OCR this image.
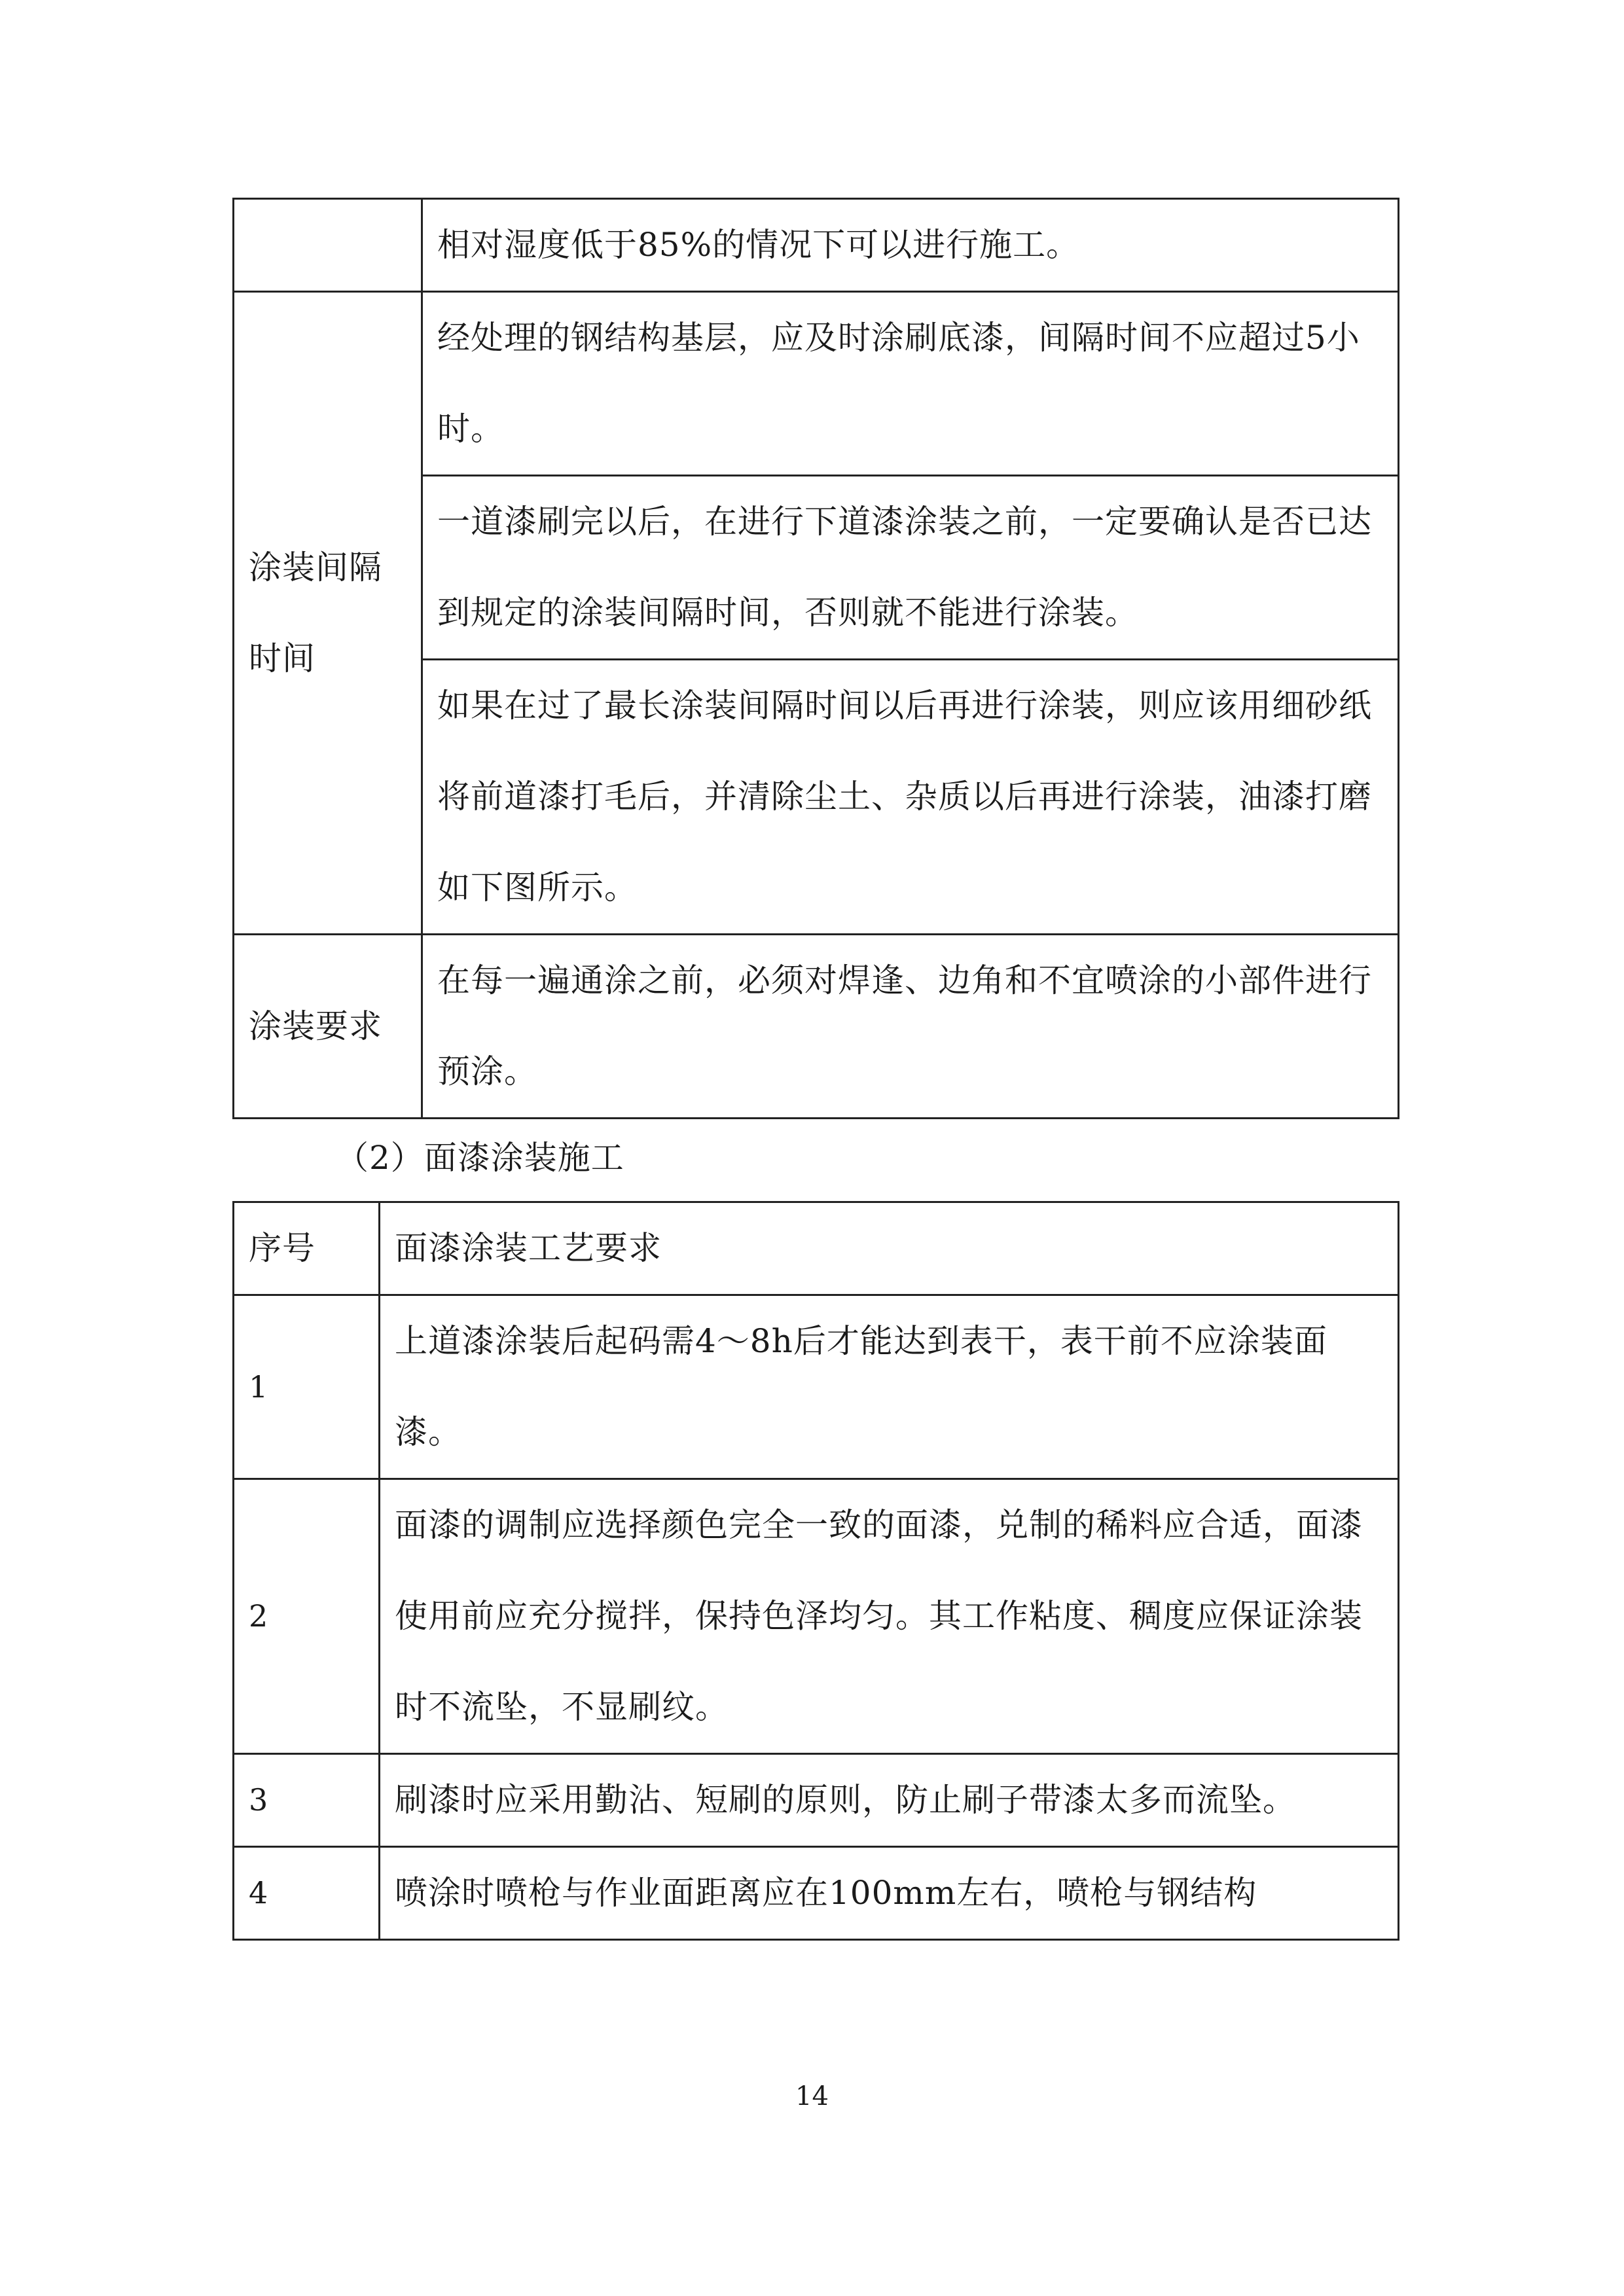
	相对湿度低于85%的情况下可以进行施工。

涂装间隔时间	经处理的钢结构基层，应及时涂刷底漆，间隔时间不应超过5小时。

	一道漆刷完以后，在进行下道漆涂装之前，一定要确认是否已达到规定的涂装间隔时间，否则就不能进行涂装。

	如果在过了最长涂装间隔时间以后再进行涂装，则应该用细砂纸将前道漆打毛后，并清除尘土、杂质以后再进行涂装，油漆打磨如下图所示。

涂装要求	在每一遍通涂之前，必须对焊逢、边角和不宜喷涂的小部件进行预涂。
（2）面漆涂装施工
序号	面漆涂装工艺要求

1	上道漆涂装后起码需4～8h后才能达到表干，表干前不应涂装面漆。

2	面漆的调制应选择颜色完全一致的面漆，兑制的稀料应合适，面漆使用前应充分搅拌，保持色泽均匀。其工作粘度、稠度应保证涂装时不流坠，不显刷纹。

3	刷漆时应采用勤沾、短刷的原则，防止刷子带漆太多而流坠。

4	喷涂时喷枪与作业面距离应在100mm左右，喷枪与钢结构
14
